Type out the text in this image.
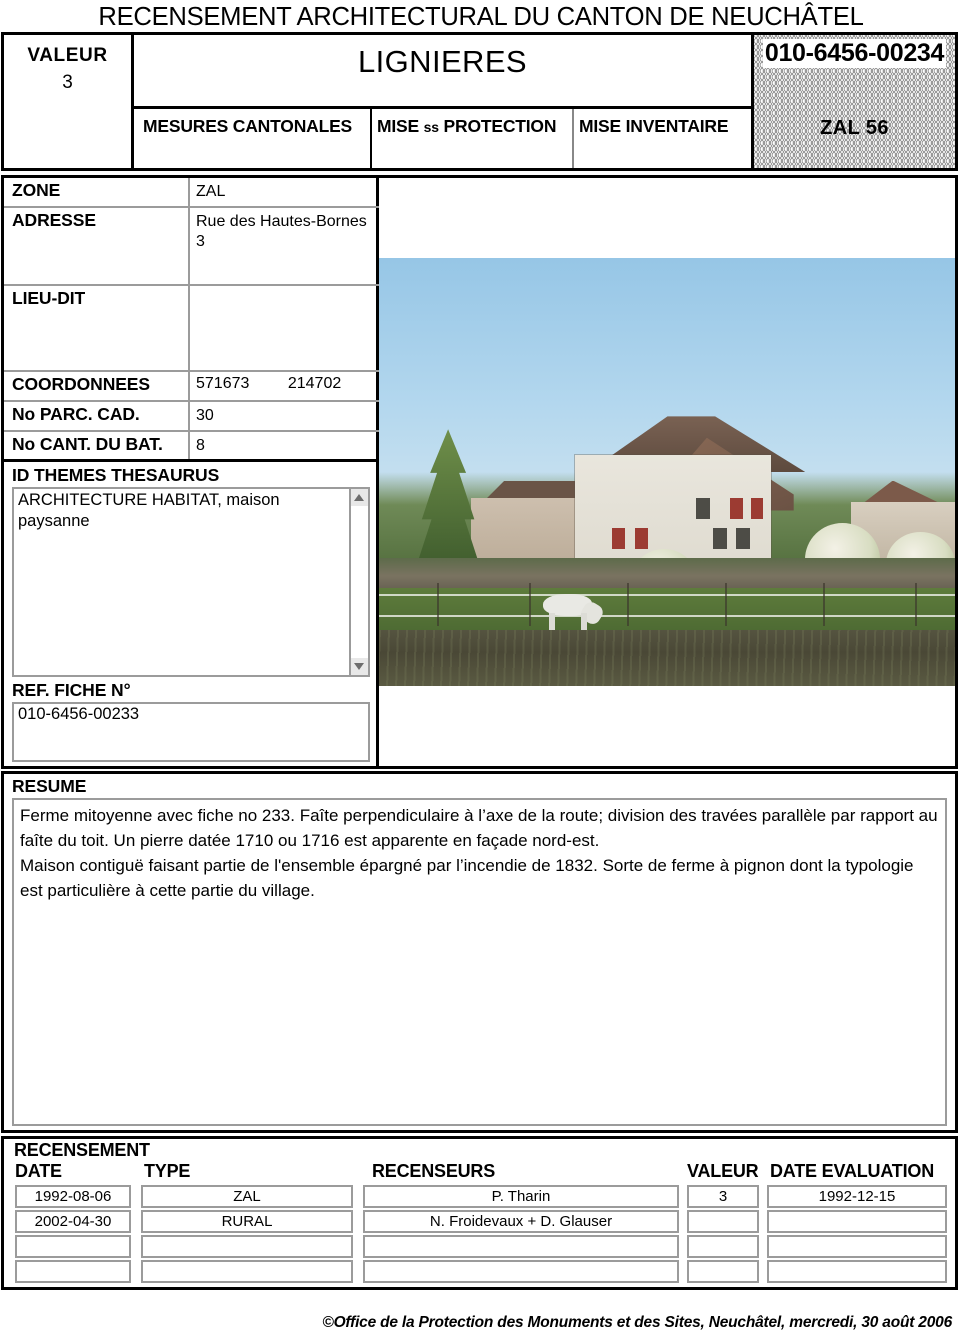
RECENSEMENT ARCHITECTURAL DU CANTON DE NEUCHÂTEL
VALEUR
3
LIGNIERES
MESURES CANTONALES	MISE ss PROTECTION	MISE INVENTAIRE
010-6456-00234
ZAL 56
ZONE	ZAL
ADRESSE	Rue des Hautes-Bornes 3
LIEU-DIT
COORDONNEES	571673 214702
No PARC. CAD.	30
No CANT. DU BAT. 8
ID THEMES THESAURUS
ARCHITECTURE HABITAT, maison paysanne
REF. FICHE N°
010-6456-00233
RESUME

Ferme mitoyenne avec fiche no 233. Faîte perpendiculaire à l’axe de la route; division des travées parallèle par rapport au faîte du toit. Un pierre datée 1710 ou 1716 est apparente en façade nord-est.

Maison contiguë faisant partie de l'ensemble épargné par l’incendie de 1832. Sorte de ferme à pignon dont la typologie est particulière à cette partie du village.

RECENSEMENT
DATE	TYPE	RECENSEURS	VALEUR DATE EVALUATION
1992-08-06	ZAL	P. Tharin	3	1992-12-15
2002-04-30	RURAL	N. Froidevaux + D. Glauser
©Office de la Protection des Monuments et des Sites, Neuchâtel, mercredi, 30 août 2006
